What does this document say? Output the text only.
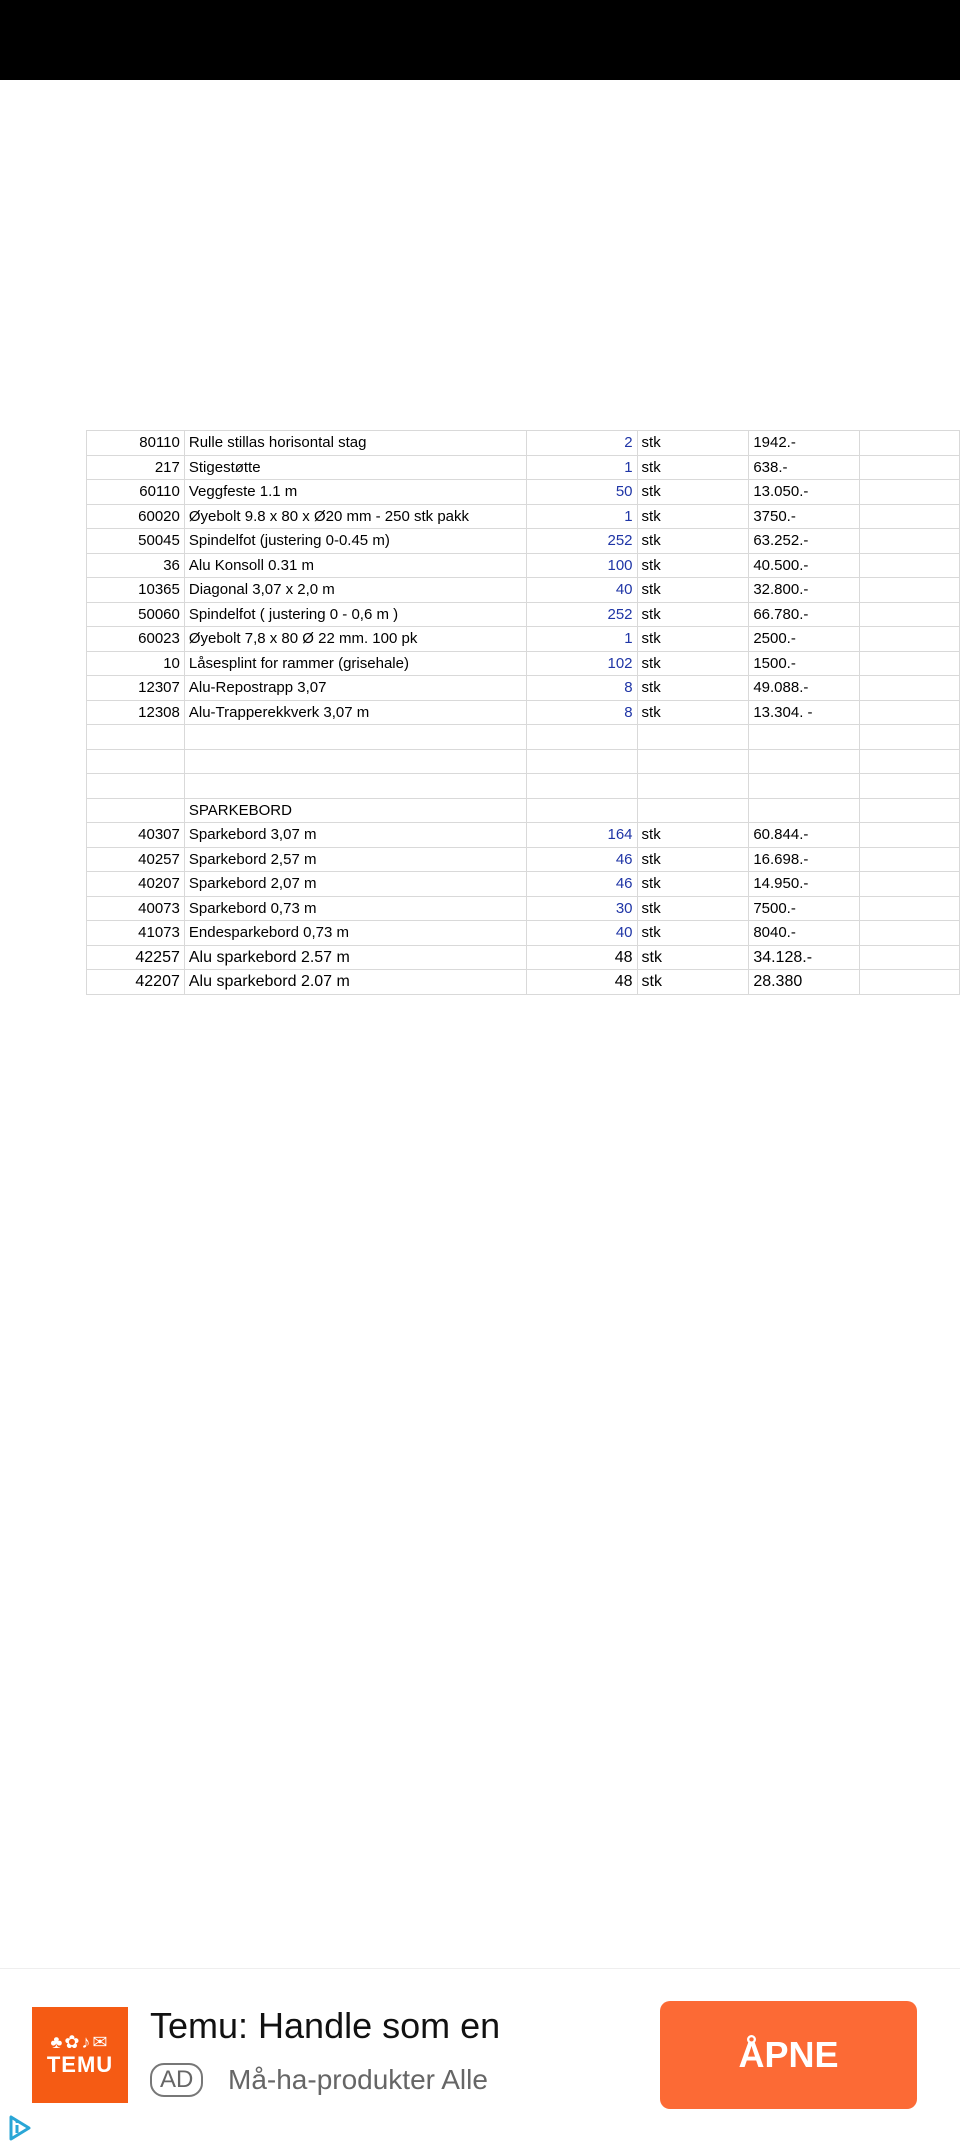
80110	Rulle stillas horisontal stag	2	stk	1942.-	
217	Stigestøtte	1	stk	638.-	
60110	Veggfeste 1.1 m	50	stk	13.050.-	
60020	Øyebolt 9.8 x 80 x Ø20 mm - 250 stk pakk	1	stk	3750.-	
50045	Spindelfot (justering 0-0.45 m)	252	stk	63.252.-	
36	Alu Konsoll 0.31 m	100	stk	40.500.-	
10365	Diagonal 3,07 x 2,0 m	40	stk	32.800.-	
50060	Spindelfot ( justering 0 - 0,6 m )	252	stk	66.780.-	
60023	Øyebolt 7,8 x 80 Ø 22 mm. 100 pk	1	stk	2500.-	
10	Låsesplint for rammer (grisehale)	102	stk	1500.-	
12307	Alu-Repostrapp 3,07	8	stk	49.088.-	
12308	Alu-Trapperekkverk 3,07 m	8	stk	13.304. -	

	SPARKEBORD				
40307	Sparkebord 3,07 m	164	stk	60.844.-	
40257	Sparkebord 2,57 m	46	stk	16.698.-	
40207	Sparkebord 2,07 m	46	stk	14.950.-	
40073	Sparkebord 0,73 m	30	stk	7500.-	
41073	Endesparkebord 0,73 m	40	stk	8040.-	
42257	Alu sparkebord 2.57 m	48	stk	34.128.-	
42207	Alu sparkebord 2.07 m	48	stk	28.380	
♣✿♪✉
TEMU
Temu: Handle som en
AD	Må-ha-produkter Alle
ÅPNE
